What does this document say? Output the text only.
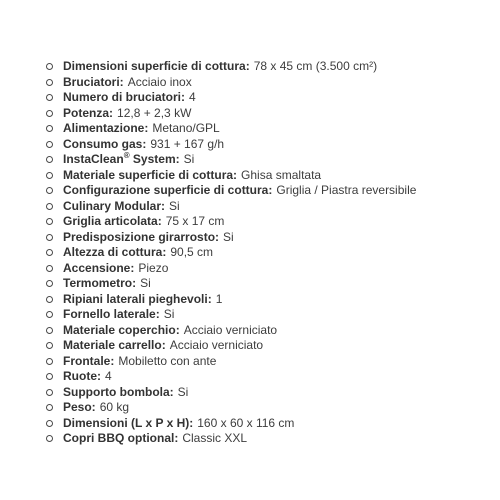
Dimensioni superficie di cottura: 78 x 45 cm (3.500 cm²)
Bruciatori: Acciaio inox
Numero di bruciatori: 4
Potenza: 12,8 + 2,3 kW
Alimentazione: Metano/GPL
Consumo gas: 931 + 167 g/h
InstaClean® System: Si
Materiale superficie di cottura: Ghisa smaltata
Configurazione superficie di cottura: Griglia / Piastra reversibile
Culinary Modular: Si
Griglia articolata: 75 x 17 cm
Predisposizione girarrosto: Si
Altezza di cottura: 90,5 cm
Accensione: Piezo
Termometro: Si
Ripiani laterali pieghevoli: 1
Fornello laterale: Si
Materiale coperchio: Acciaio verniciato
Materiale carrello: Acciaio verniciato
Frontale: Mobiletto con ante
Ruote: 4
Supporto bombola: Si
Peso: 60 kg
Dimensioni (L x P x H): 160 x 60 x 116 cm
Copri BBQ optional: Classic XXL
